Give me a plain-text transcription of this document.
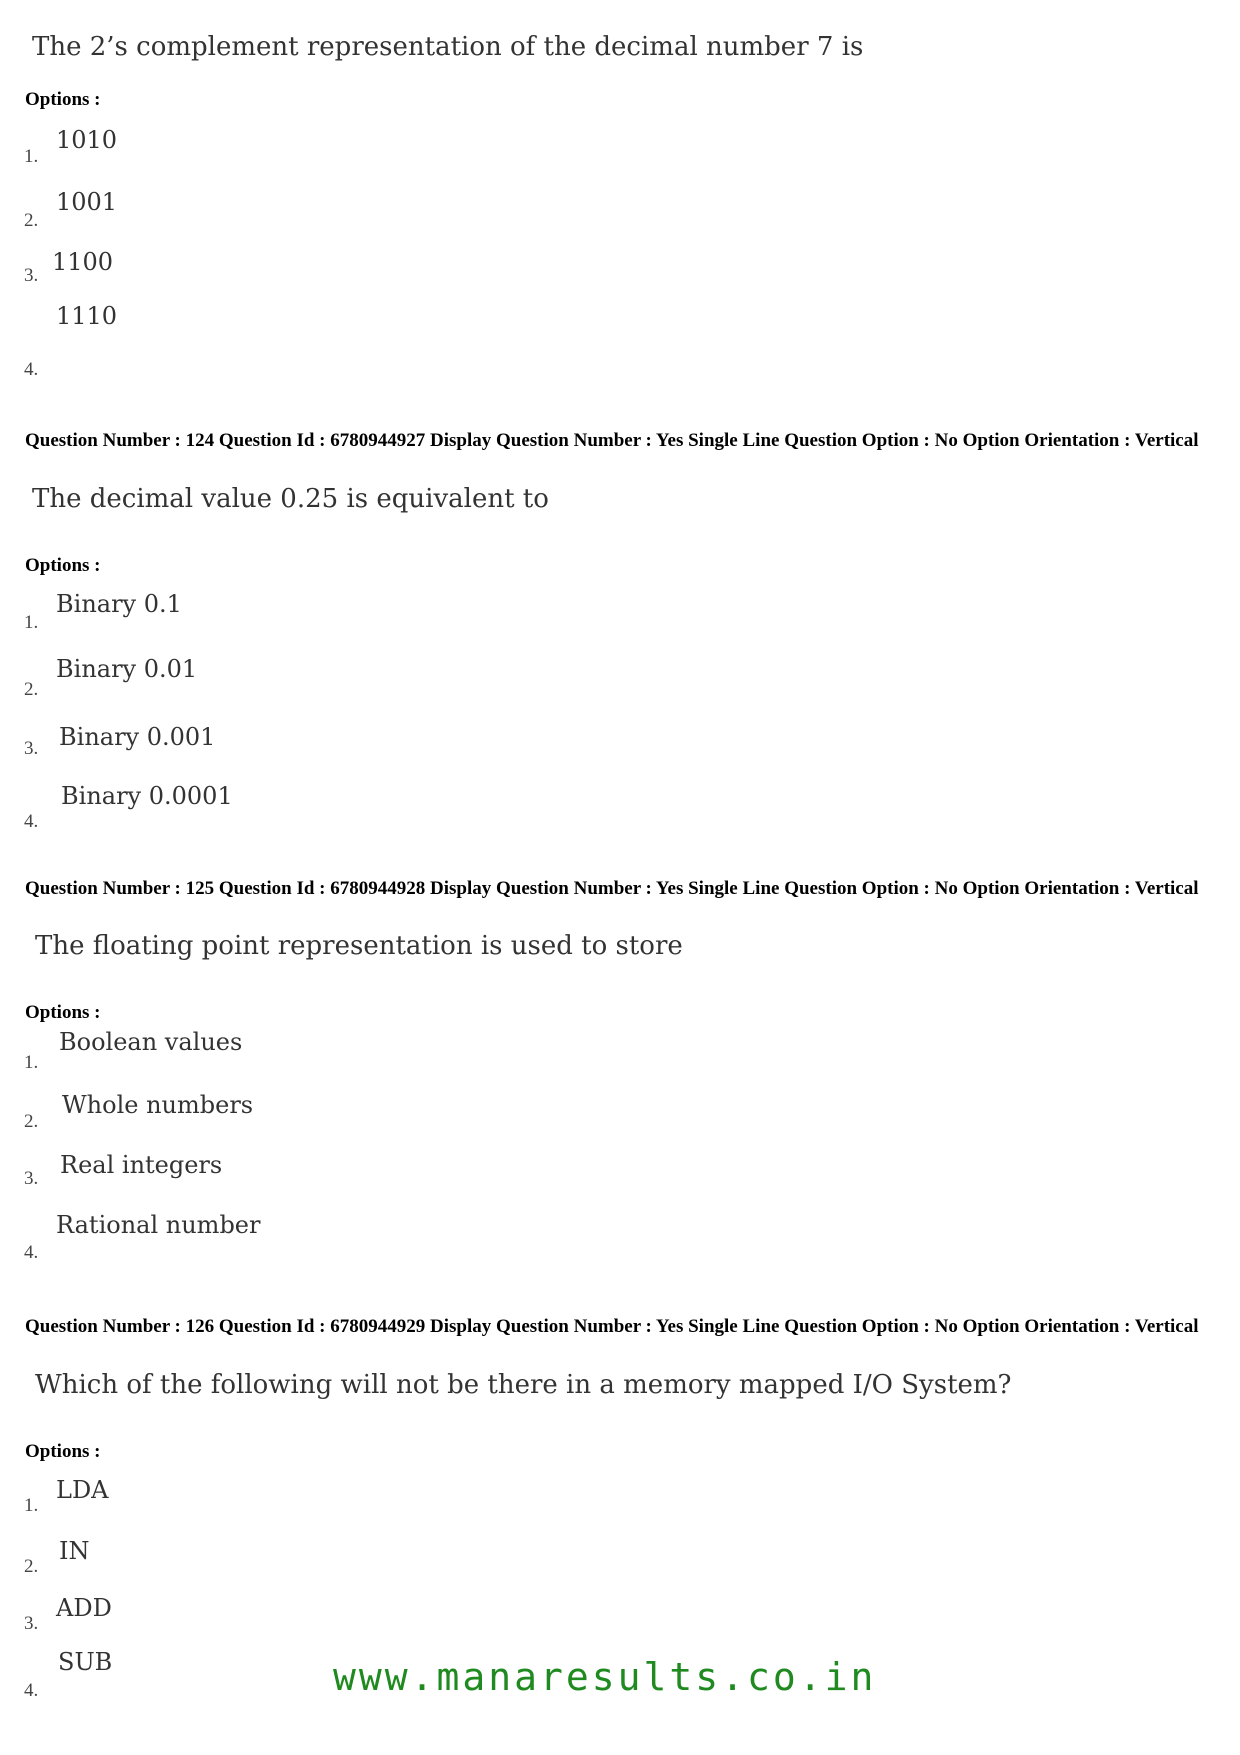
The 2’s complement representation of the decimal number 7 is
Options :
1.
1010
2.
1001
3. 1100
4.
1110
Question Number : 124 Question Id : 6780944927 Display Question Number : Yes Single Line Question Option : No Option Orientation : Vertical
The decimal value 0.25 is equivalent to
Options :
1.
Binary 0.1
2.
Binary 0.01
3. Binary 0.001
4.
Binary 0.0001
Question Number : 125 Question Id : 6780944928 Display Question Number : Yes Single Line Question Option : No Option Orientation : Vertical
The floating point representation is used to store
Options :
1.
Boolean values
2.
Whole numbers
3. Real integers
4.
Rational number
Question Number : 126 Question Id : 6780944929 Display Question Number : Yes Single Line Question Option : No Option Orientation : Vertical
Which of the following will not be there in a memory mapped I/O System?
Options :
1.
LDA
2.
IN
3.
ADD
4.
SUB	www.manaresults.co.in
